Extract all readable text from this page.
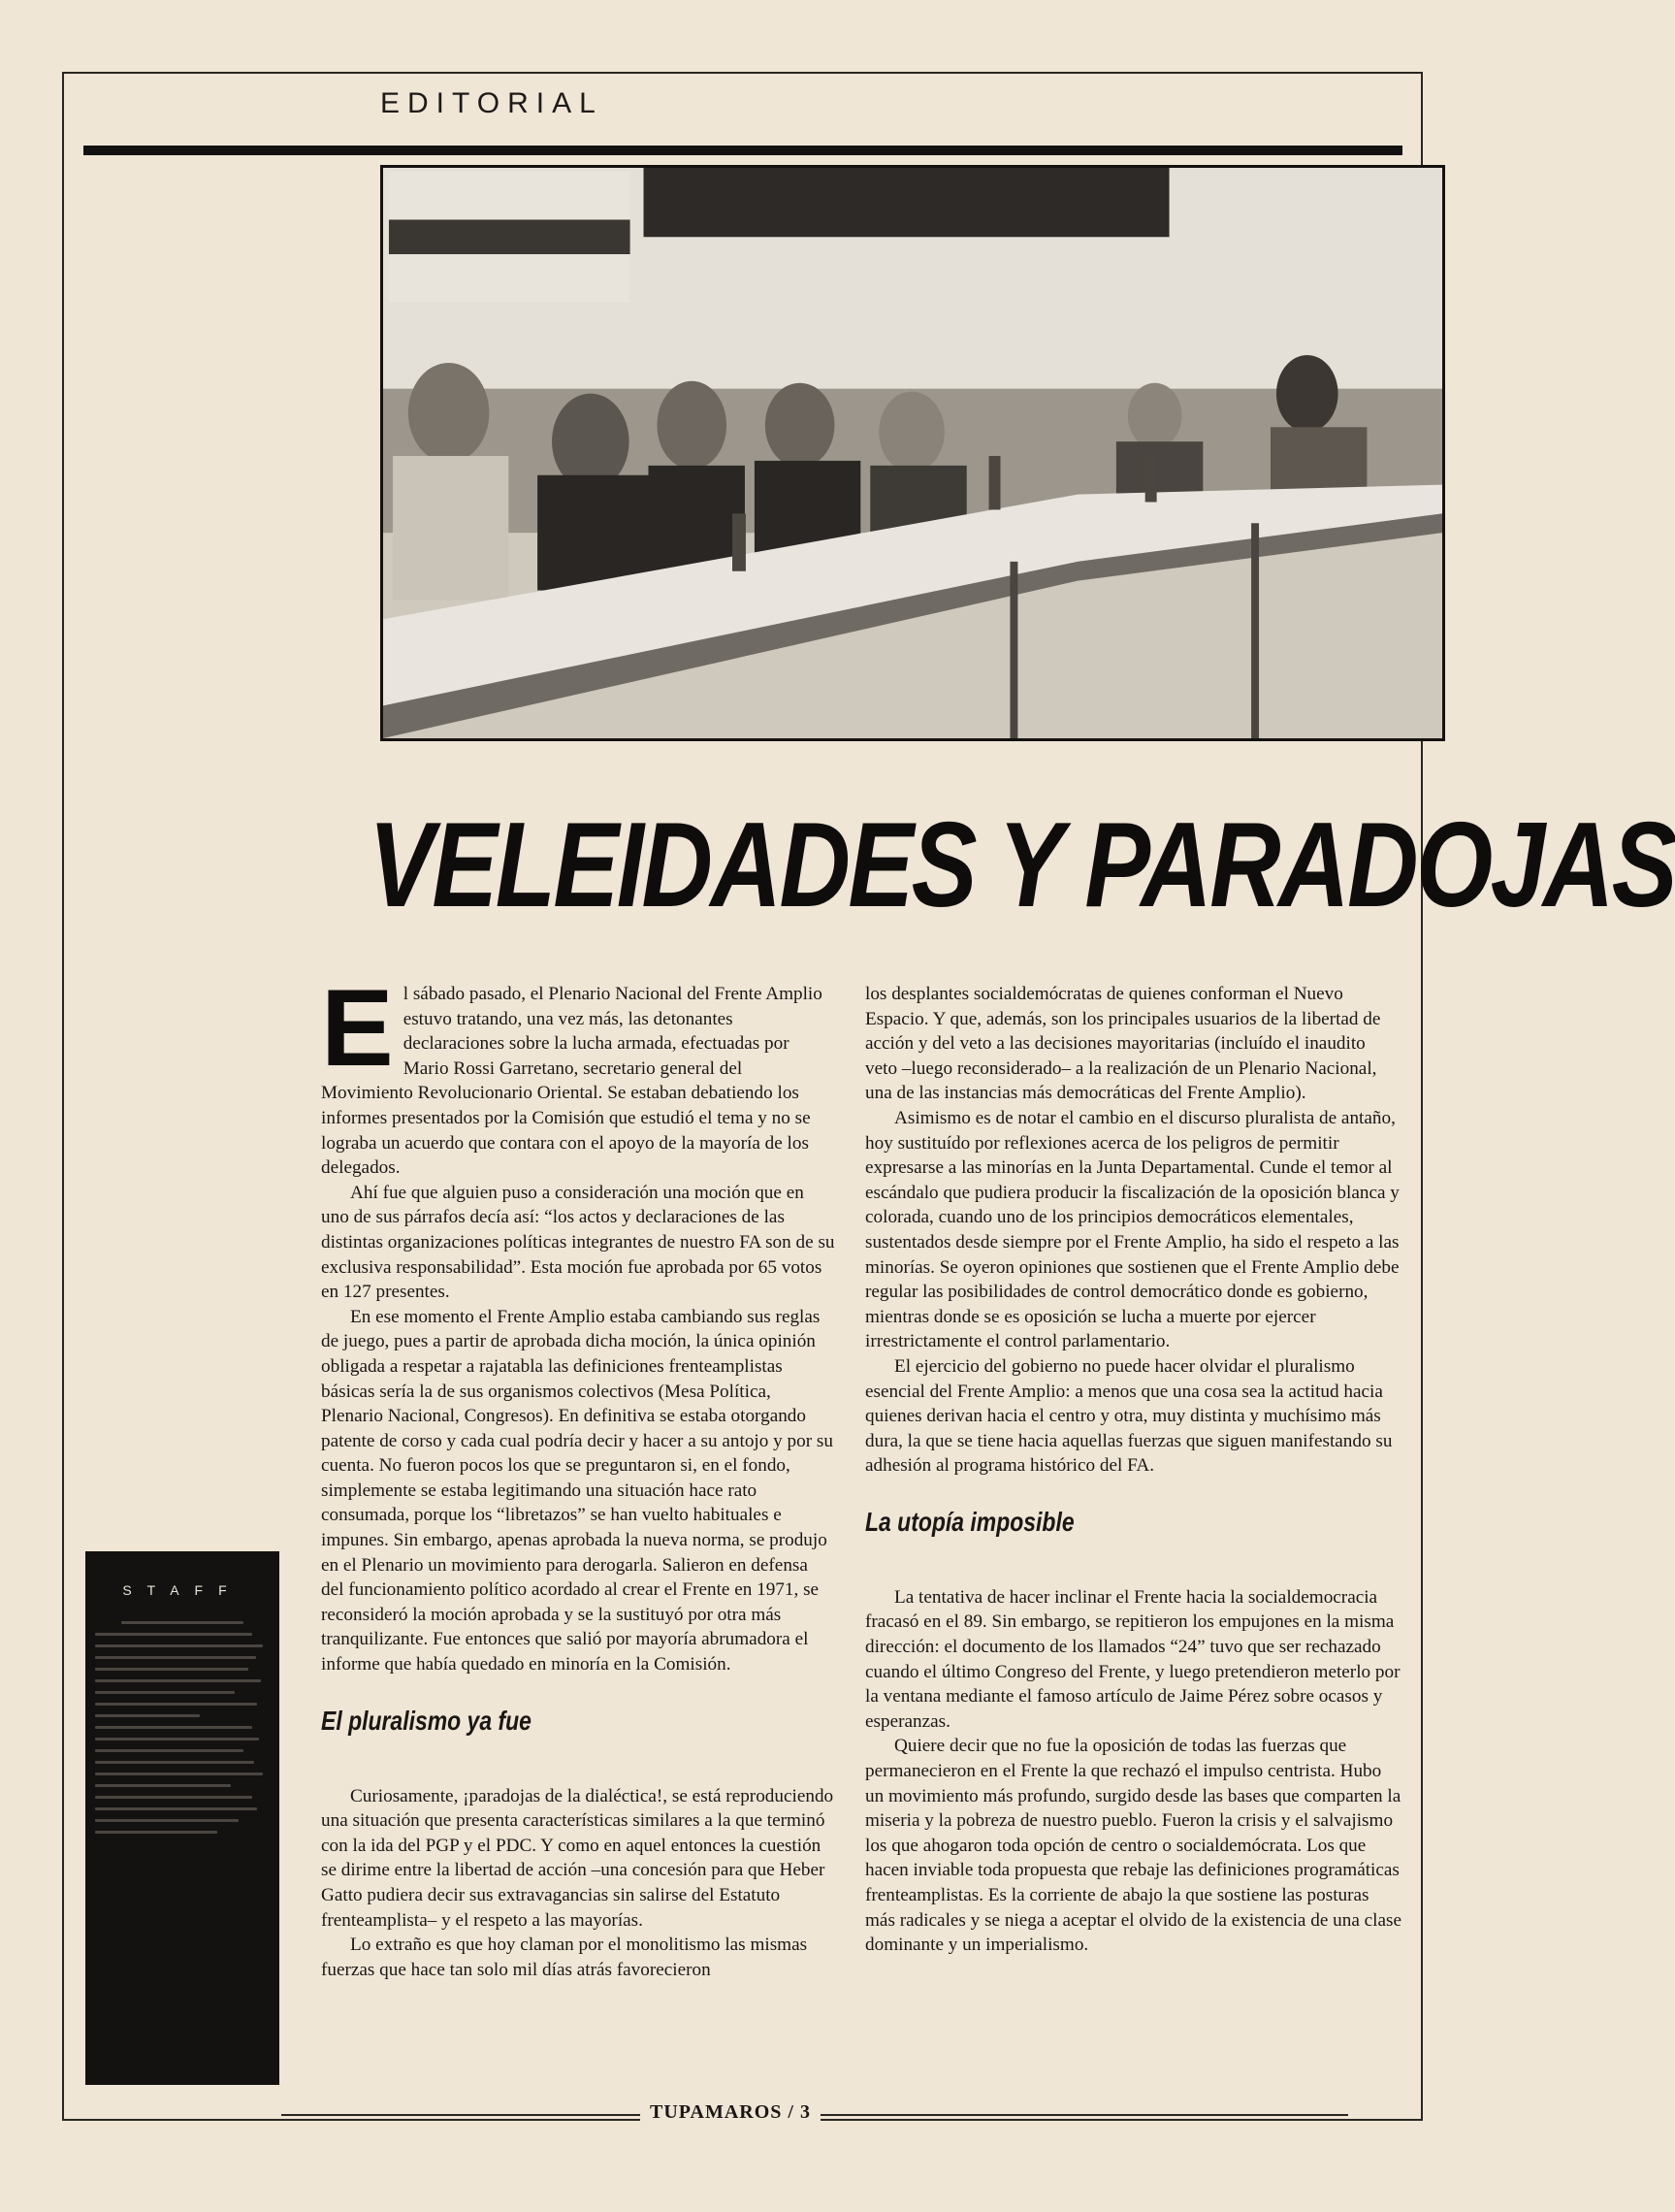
EDITORIAL
VELEIDADES Y PARADOJAS

El sábado pasado, el Plenario Nacional del Frente Amplio estuvo tratando, una vez más, las detonantes declaraciones sobre la lucha armada, efectuadas por Mario Rossi Garretano, secretario general del Movimiento Revolucionario Oriental. Se estaban debatiendo los informes presentados por la Comisión que estudió el tema y no se lograba un acuerdo que contara con el apoyo de la mayoría de los delegados.

Ahí fue que alguien puso a consideración una moción que en uno de sus párrafos decía así: “los actos y declaraciones de las distintas organizaciones políticas integrantes de nuestro FA son de su exclusiva responsabilidad”. Esta moción fue aprobada por 65 votos en 127 presentes.

En ese momento el Frente Amplio estaba cambiando sus reglas de juego, pues a partir de aprobada dicha moción, la única opinión obligada a respetar a rajatabla las definiciones frenteamplistas básicas sería la de sus organismos colectivos (Mesa Política, Plenario Nacional, Congresos). En definitiva se estaba otorgando patente de corso y cada cual podría decir y hacer a su antojo y por su cuenta. No fueron pocos los que se preguntaron si, en el fondo, simplemente se estaba legitimando una situación hace rato consumada, porque los “libretazos” se han vuelto habituales e impunes. Sin embargo, apenas aprobada la nueva norma, se produjo en el Plenario un movimiento para derogarla. Salieron en defensa del funcionamiento político acordado al crear el Frente en 1971, se reconsideró la moción aprobada y se la sustituyó por otra más tranquilizante. Fue entonces que salió por mayoría abrumadora el informe que había quedado en minoría en la Comisión.

El pluralismo ya fue

Curiosamente, ¡paradojas de la dialéctica!, se está reproduciendo una situación que presenta características similares a la que terminó con la ida del PGP y el PDC. Y como en aquel entonces la cuestión se dirime entre la libertad de acción –una concesión para que Heber Gatto pudiera decir sus extravagancias sin salirse del Estatuto frenteamplista– y el respeto a las mayorías.

Lo extraño es que hoy claman por el monolitismo las mismas fuerzas que hace tan solo mil días atrás favorecieron

los desplantes socialdemócratas de quienes conforman el Nuevo Espacio. Y que, además, son los principales usuarios de la libertad de acción y del veto a las decisiones mayoritarias (incluído el inaudito veto –luego reconsiderado– a la realización de un Plenario Nacional, una de las instancias más democráticas del Frente Amplio).

Asimismo es de notar el cambio en el discurso pluralista de antaño, hoy sustituído por reflexiones acerca de los peligros de permitir expresarse a las minorías en la Junta Departamental. Cunde el temor al escándalo que pudiera producir la fiscalización de la oposición blanca y colorada, cuando uno de los principios democráticos elementales, sustentados desde siempre por el Frente Amplio, ha sido el respeto a las minorías. Se oyeron opiniones que sostienen que el Frente Amplio debe regular las posibilidades de control democrático donde es gobierno, mientras donde se es oposición se lucha a muerte por ejercer irrestrictamente el control parlamentario.

El ejercicio del gobierno no puede hacer olvidar el pluralismo esencial del Frente Amplio: a menos que una cosa sea la actitud hacia quienes derivan hacia el centro y otra, muy distinta y muchísimo más dura, la que se tiene hacia aquellas fuerzas que siguen manifestando su adhesión al programa histórico del FA.

La utopía imposible

La tentativa de hacer inclinar el Frente hacia la socialdemocracia fracasó en el 89. Sin embargo, se repitieron los empujones en la misma dirección: el documento de los llamados “24” tuvo que ser rechazado cuando el último Congreso del Frente, y luego pretendieron meterlo por la ventana mediante el famoso artículo de Jaime Pérez sobre ocasos y esperanzas.

Quiere decir que no fue la oposición de todas las fuerzas que permanecieron en el Frente la que rechazó el impulso centrista. Hubo un movimiento más profundo, surgido desde las bases que comparten la miseria y la pobreza de nuestro pueblo. Fueron la crisis y el salvajismo los que ahogaron toda opción de centro o socialdemócrata. Los que hacen inviable toda propuesta que rebaje las definiciones programáticas frenteamplistas. Es la corriente de abajo la que sostiene las posturas más radicales y se niega a aceptar el olvido de la existencia de una clase dominante y un imperialismo.

STAFF
TUPAMAROS / 3
